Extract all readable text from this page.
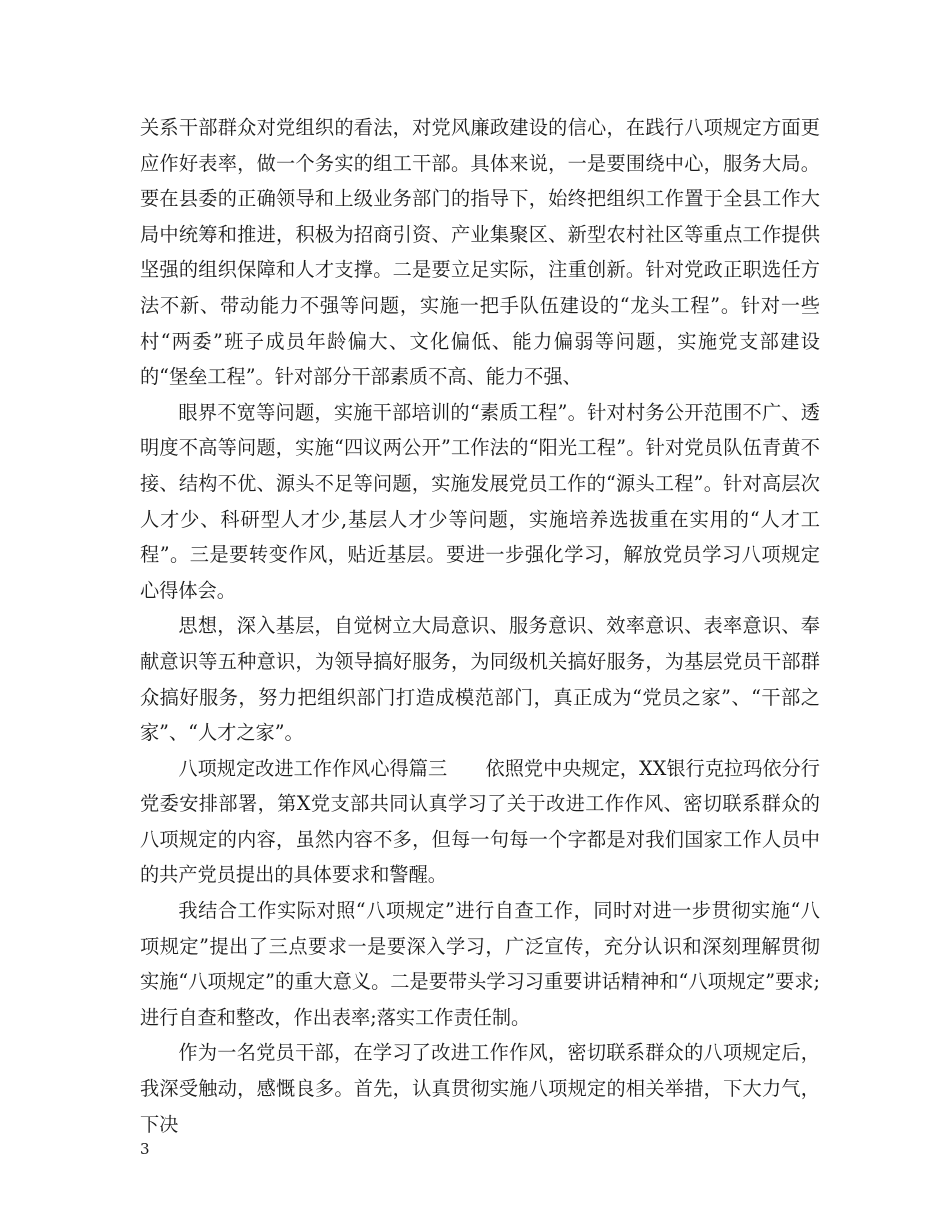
关系干部群众对党组织的看法，对党风廉政建设的信心，在践行八项规定方面更应作好表率，做一个务实的组工干部。具体来说，一是要围绕中心，服务大局。要在县委的正确领导和上级业务部门的指导下，始终把组织工作置于全县工作大局中统筹和推进，积极为招商引资、产业集聚区、新型农村社区等重点工作提供坚强的组织保障和人才支撑。二是要立足实际，注重创新。针对党政正职选任方法不新、带动能力不强等问题，实施一把手队伍建设的“龙头工程”。针对一些村“两委”班子成员年龄偏大、文化偏低、能力偏弱等问题，实施党支部建设的“堡垒工程”。针对部分干部素质不高、能力不强、

眼界不宽等问题，实施干部培训的“素质工程”。针对村务公开范围不广、透明度不高等问题，实施“四议两公开”工作法的“阳光工程”。针对党员队伍青黄不接、结构不优、源头不足等问题，实施发展党员工作的“源头工程”。针对高层次人才少、科研型人才少,基层人才少等问题，实施培养选拔重在实用的“人才工程”。三是要转变作风，贴近基层。要进一步强化学习，解放党员学习八项规定心得体会。

思想，深入基层，自觉树立大局意识、服务意识、效率意识、表率意识、奉献意识等五种意识，为领导搞好服务，为同级机关搞好服务，为基层党员干部群众搞好服务，努力把组织部门打造成模范部门，真正成为“党员之家”、“干部之家”、“人才之家”。

八项规定改进工作作风心得篇三　　依照党中央规定，XX银行克拉玛依分行党委安排部署，第X党支部共同认真学习了关于改进工作作风、密切联系群众的八项规定的内容，虽然内容不多，但每一句每一个字都是对我们国家工作人员中的共产党员提出的具体要求和警醒。

我结合工作实际对照“八项规定”进行自查工作，同时对进一步贯彻实施“八项规定”提出了三点要求一是要深入学习，广泛宣传，充分认识和深刻理解贯彻实施“八项规定”的重大意义。二是要带头学习习重要讲话精神和“八项规定”要求;进行自查和整改，作出表率;落实工作责任制。

作为一名党员干部，在学习了改进工作作风，密切联系群众的八项规定后，我深受触动，感慨良多。首先，认真贯彻实施八项规定的相关举措，下大力气，下决

3
